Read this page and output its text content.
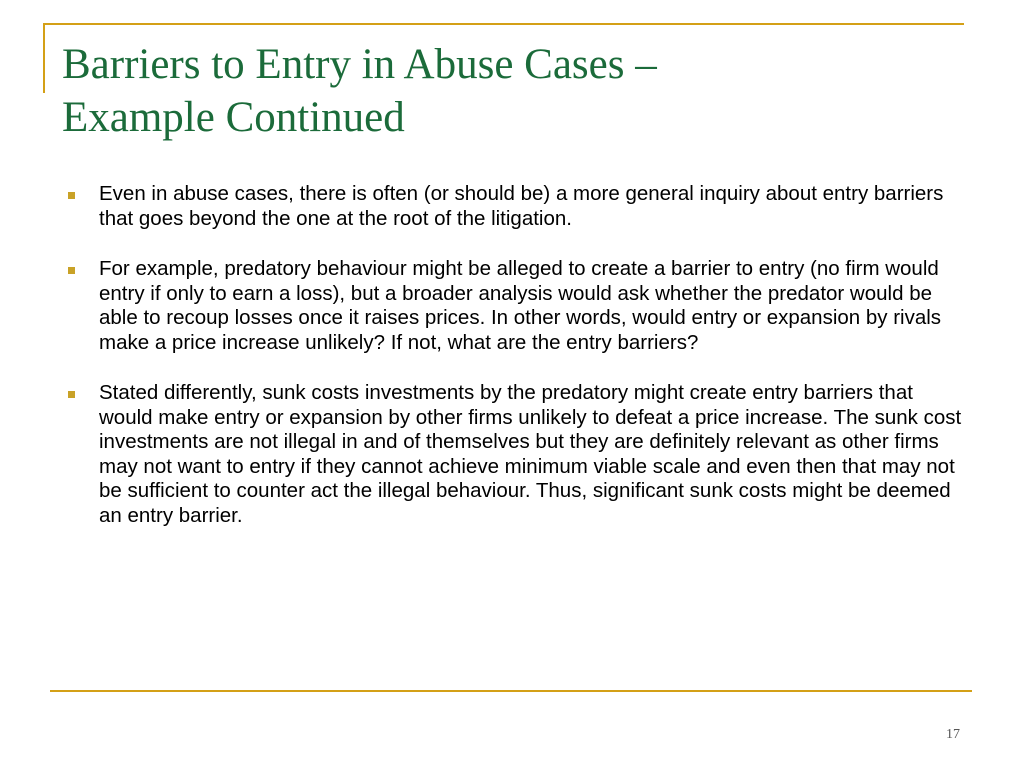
Barriers to Entry in Abuse Cases –
Example Continued
Even in abuse cases, there is often (or should be) a more general inquiry about entry barriers that goes beyond the one at the root of the litigation.
For example, predatory behaviour might be alleged to create a barrier to entry (no firm would entry if only to earn a loss), but a broader analysis would ask whether the predator would be able to recoup losses once it raises prices. In other words, would entry or expansion by rivals make a price increase unlikely? If not, what are the entry barriers?
Stated differently, sunk costs investments by the predatory might create entry barriers that would make entry or expansion by other firms unlikely to defeat a price increase. The sunk cost investments are not illegal in and of themselves but they are definitely relevant as other firms may not want to entry if they cannot achieve minimum viable scale and even then that may not be sufficient to counter act the illegal behaviour. Thus, significant sunk costs might be deemed an entry barrier.
17
